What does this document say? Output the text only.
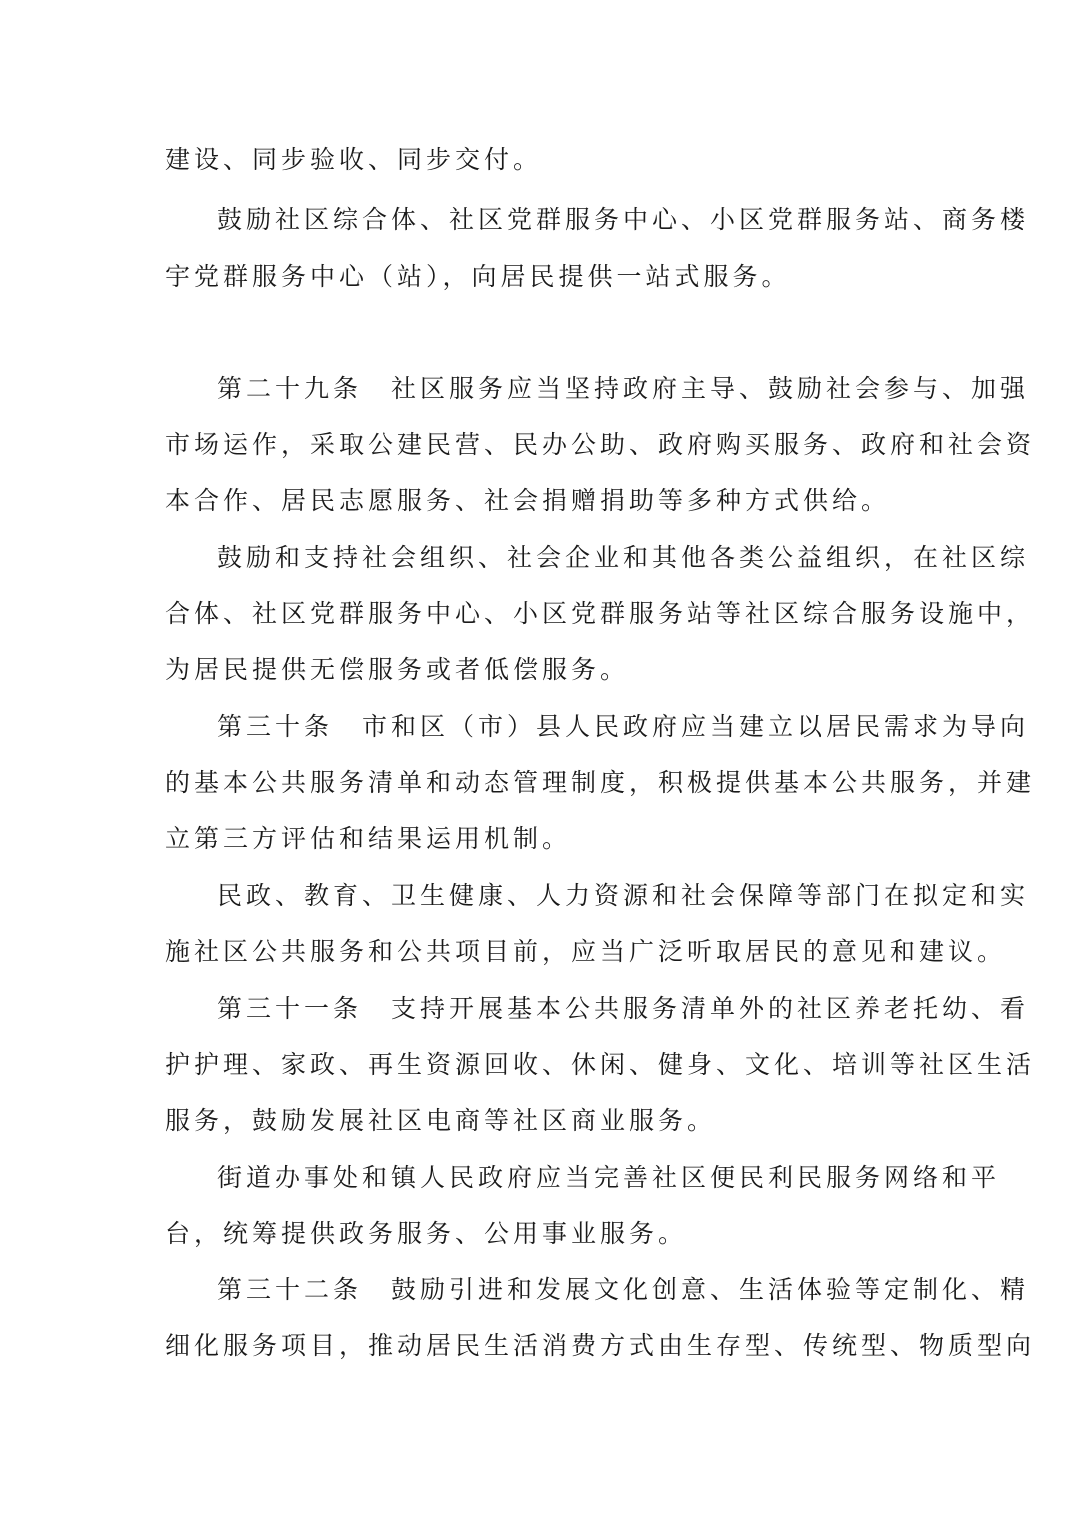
建设、同步验收、同步交付。
鼓励社区综合体、社区党群服务中心、小区党群服务站、商务楼
宇党群服务中心（站），向居民提供一站式服务。
第二十九条　社区服务应当坚持政府主导、鼓励社会参与、加强
市场运作，采取公建民营、民办公助、政府购买服务、政府和社会资
本合作、居民志愿服务、社会捐赠捐助等多种方式供给。
鼓励和支持社会组织、社会企业和其他各类公益组织，在社区综
合体、社区党群服务中心、小区党群服务站等社区综合服务设施中，
为居民提供无偿服务或者低偿服务。
第三十条　市和区（市）县人民政府应当建立以居民需求为导向
的基本公共服务清单和动态管理制度，积极提供基本公共服务，并建
立第三方评估和结果运用机制。
民政、教育、卫生健康、人力资源和社会保障等部门在拟定和实
施社区公共服务和公共项目前，应当广泛听取居民的意见和建议。
第三十一条　支持开展基本公共服务清单外的社区养老托幼、看
护护理、家政、再生资源回收、休闲、健身、文化、培训等社区生活
服务，鼓励发展社区电商等社区商业服务。
街道办事处和镇人民政府应当完善社区便民利民服务网络和平
台，统筹提供政务服务、公用事业服务。
第三十二条　鼓励引进和发展文化创意、生活体验等定制化、精
细化服务项目，推动居民生活消费方式由生存型、传统型、物质型向
